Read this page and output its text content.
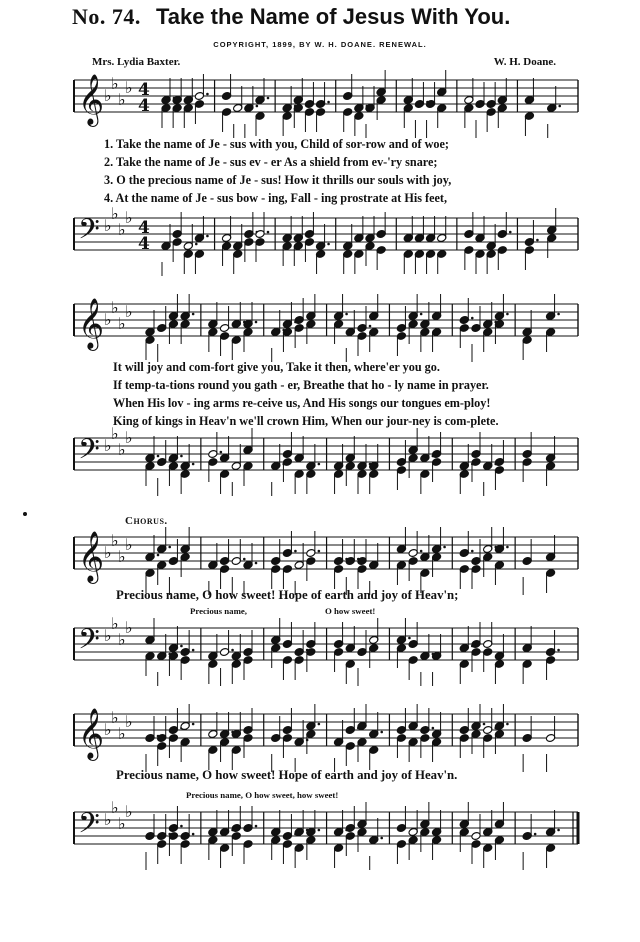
No. 74. Take the Name of Jesus With You.
COPYRIGHT, 1899, BY W. H. DOANE. RENEWAL.
Mrs. Lydia Baxter.	W. H. Doane.
𝄞 ♭
♭
♭
♭ 4
4
1. Take the name of Je - sus with you, Child of sor-row and of woe;
2. Take the name of Je - sus ev - er As a shield from ev-'ry snare;
3. O the precious name of Je - sus! How it thrills our souls with joy,
4. At the name of Je - sus bow - ing, Fall - ing prostrate at His feet,
𝄢 ♭
♭
♭
♭
4
4
𝄞 ♭
♭
♭
♭
It will joy and com-fort give you, Take it then, where'er you go.
If temp-ta-tions round you gath - er, Breathe that ho - ly name in prayer.
When His lov - ing arms re-ceive us, And His songs our tongues em-ploy!
King of kings in Heav'n we'll crown Him, When our jour-ney is com-plete.
𝄢 ♭
♭
♭
♭
Chorus.
𝄞 ♭
♭
♭
♭
Precious name, O how sweet! Hope of earth and joy of Heav'n;
Precious name,	O how sweet!
𝄢 ♭
♭
♭
♭
𝄞 ♭
♭
♭
♭
Precious name, O how sweet! Hope of earth and joy of Heav'n.
Precious name, O how sweet, how sweet!
𝄢 ♭
♭
♭
♭
